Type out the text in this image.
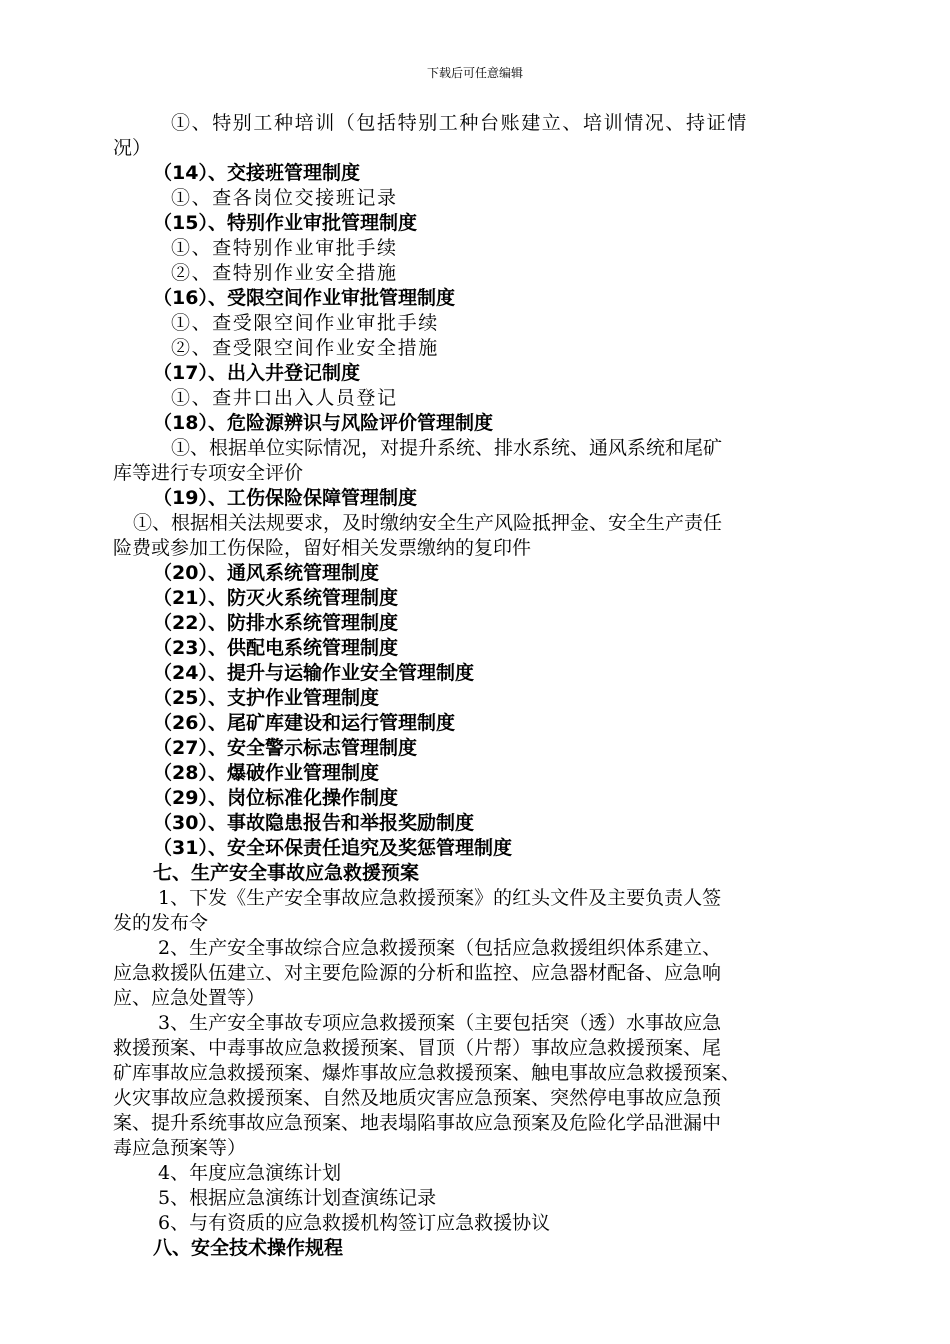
下载后可任意编辑
①、特别工种培训（包括特别工种台账建立、培训情况、持证情
况）
（14）、交接班管理制度
①、查各岗位交接班记录
（15）、特别作业审批管理制度
①、查特别作业审批手续
②、查特别作业安全措施
（16）、受限空间作业审批管理制度
①、查受限空间作业审批手续
②、查受限空间作业安全措施
（17）、出入井登记制度
①、查井口出入人员登记
（18）、危险源辨识与风险评价管理制度
①、根据单位实际情况，对提升系统、排水系统、通风系统和尾矿
库等进行专项安全评价
（19）、工伤保险保障管理制度
①、根据相关法规要求，及时缴纳安全生产风险抵押金、安全生产责任
险费或参加工伤保险，留好相关发票缴纳的复印件
（20）、通风系统管理制度
（21）、防灭火系统管理制度
（22）、防排水系统管理制度
（23）、供配电系统管理制度
（24）、提升与运输作业安全管理制度
（25）、支护作业管理制度
（26）、尾矿库建设和运行管理制度
（27）、安全警示标志管理制度
（28）、爆破作业管理制度
（29）、岗位标准化操作制度
（30）、事故隐患报告和举报奖励制度
（31）、安全环保责任追究及奖惩管理制度
七、生产安全事故应急救援预案
1、下发《生产安全事故应急救援预案》的红头文件及主要负责人签
发的发布令
2、生产安全事故综合应急救援预案（包括应急救援组织体系建立、
应急救援队伍建立、对主要危险源的分析和监控、应急器材配备、应急响
应、应急处置等）
3、生产安全事故专项应急救援预案（主要包括突（透）水事故应急
救援预案、中毒事故应急救援预案、冒顶（片帮）事故应急救援预案、尾
矿库事故应急救援预案、爆炸事故应急救援预案、触电事故应急救援预案、
火灾事故应急救援预案、自然及地质灾害应急预案、突然停电事故应急预
案、提升系统事故应急预案、地表塌陷事故应急预案及危险化学品泄漏中
毒应急预案等）
4、年度应急演练计划
5、根据应急演练计划查演练记录
6、与有资质的应急救援机构签订应急救援协议
八、安全技术操作规程
